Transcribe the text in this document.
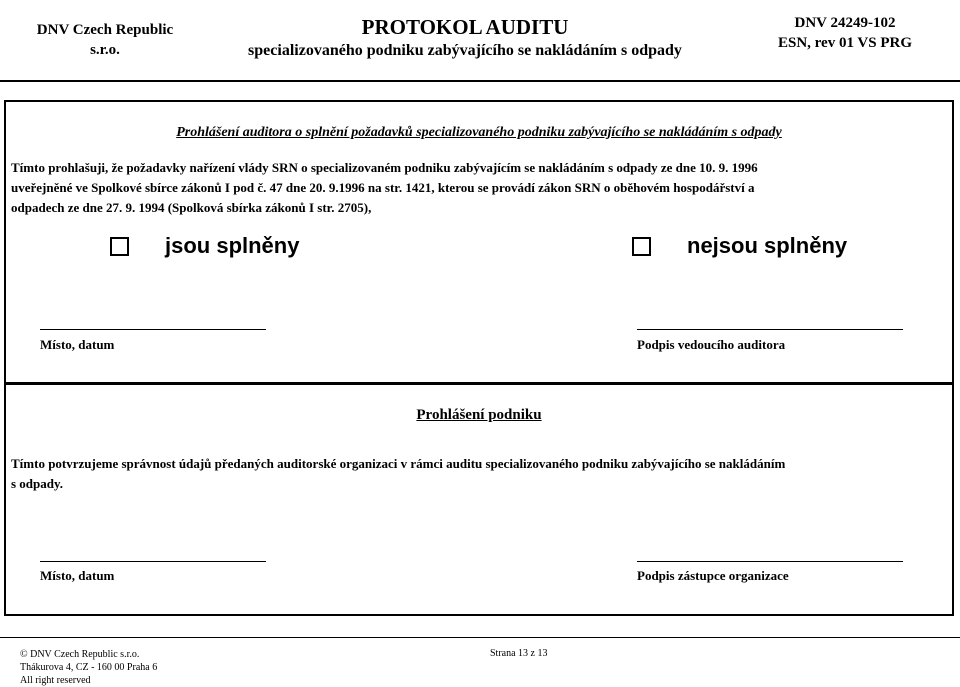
DNV Czech Republic
s.r.o.
PROTOKOL AUDITU
specializovaného podniku zabývajícího se nakládáním s odpady
DNV 24249-102
ESN, rev 01 VS PRG
Prohlášení auditora o splnění požadavků specializovaného podniku zabývajícího se nakládáním s odpady
Tímto prohlašuji, že požadavky nařízení vlády SRN o specializovaném podniku zabývajícím se nakládáním s odpady ze dne 10. 9. 1996
uveřejněné ve Spolkové sbírce zákonů I pod č. 47 dne 20. 9.1996 na str. 1421, kterou se provádí zákon SRN o oběhovém hospodářství a
odpadech ze dne 27. 9. 1994 (Spolková sbírka zákonů I str. 2705),
jsou splněny	nejsou splněny
Místo, datum	Podpis vedoucího auditora
Prohlášení podniku
Tímto potvrzujeme správnost údajů předaných auditorské organizaci v rámci auditu specializovaného podniku zabývajícího se nakládáním
s odpady.
Místo, datum	Podpis zástupce organizace
© DNV Czech Republic s.r.o.
Thákurova 4, CZ - 160 00 Praha 6
All right reserved
Strana 13 z 13
